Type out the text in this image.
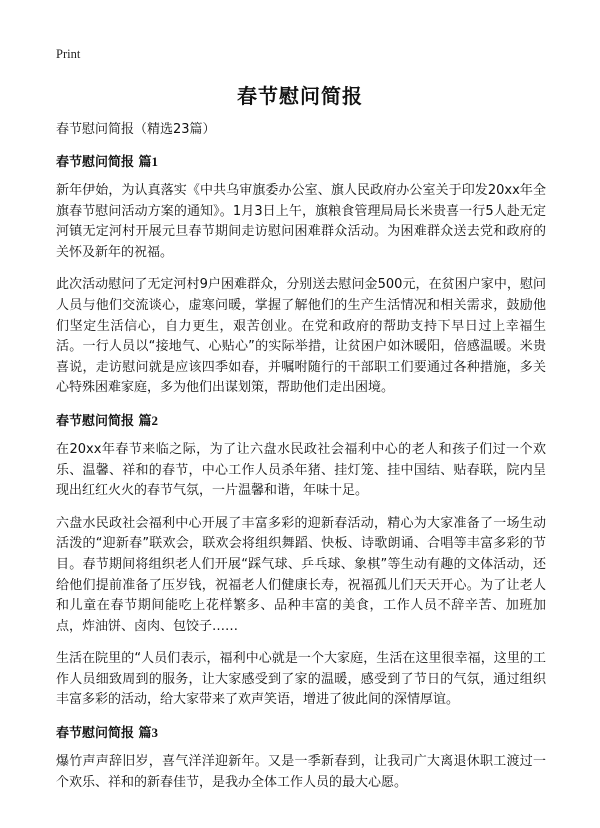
Print
春节慰问简报

春节慰问简报（精选23篇）

春节慰问简报 篇1

新年伊始，为认真落实《中共乌审旗委办公室、旗人民政府办公室关于印发20xx年全旗春节慰问活动方案的通知》。1月3日上午，旗粮食管理局局长米贵喜一行5人赴无定河镇无定河村开展元旦春节期间走访慰问困难群众活动。为困难群众送去党和政府的关怀及新年的祝福。

此次活动慰问了无定河村9户困难群众，分别送去慰问金500元，在贫困户家中，慰问人员与他们交流谈心，虚寒问暖，掌握了解他们的生产生活情况和相关需求，鼓励他们坚定生活信心，自力更生，艰苦创业。在党和政府的帮助支持下早日过上幸福生活。一行人员以“接地气、心贴心”的实际举措，让贫困户如沐暖阳，倍感温暖。米贵喜说，走访慰问就是应该四季如春，并嘱咐随行的干部职工们要通过各种措施，多关心特殊困难家庭，多为他们出谋划策，帮助他们走出困境。

春节慰问简报 篇2

在20xx年春节来临之际，为了让六盘水民政社会福利中心的老人和孩子们过一个欢乐、温馨、祥和的春节，中心工作人员杀年猪、挂灯笼、挂中国结、贴春联，院内呈现出红红火火的春节气氛，一片温馨和谐，年味十足。

六盘水民政社会福利中心开展了丰富多彩的迎新春活动，精心为大家准备了一场生动活泼的“迎新春”联欢会，联欢会将组织舞蹈、快板、诗歌朗诵、合唱等丰富多彩的节目。春节期间将组织老人们开展“踩气球、乒乓球、象棋”等生动有趣的文体活动，还给他们提前准备了压岁钱，祝福老人们健康长寿，祝福孤儿们天天开心。为了让老人和儿童在春节期间能吃上花样繁多、品种丰富的美食，工作人员不辞辛苦、加班加点，炸油饼、卤肉、包饺子……

生活在院里的“人员们表示，福利中心就是一个大家庭，生活在这里很幸福，这里的工作人员细致周到的服务，让大家感受到了家的温暖，感受到了节日的气氛，通过组织丰富多彩的活动，给大家带来了欢声笑语，增进了彼此间的深情厚谊。

春节慰问简报 篇3

爆竹声声辞旧岁，喜气洋洋迎新年。又是一季新春到，让我司广大离退休职工渡过一个欢乐、祥和的新春佳节，是我办全体工作人员的最大心愿。
